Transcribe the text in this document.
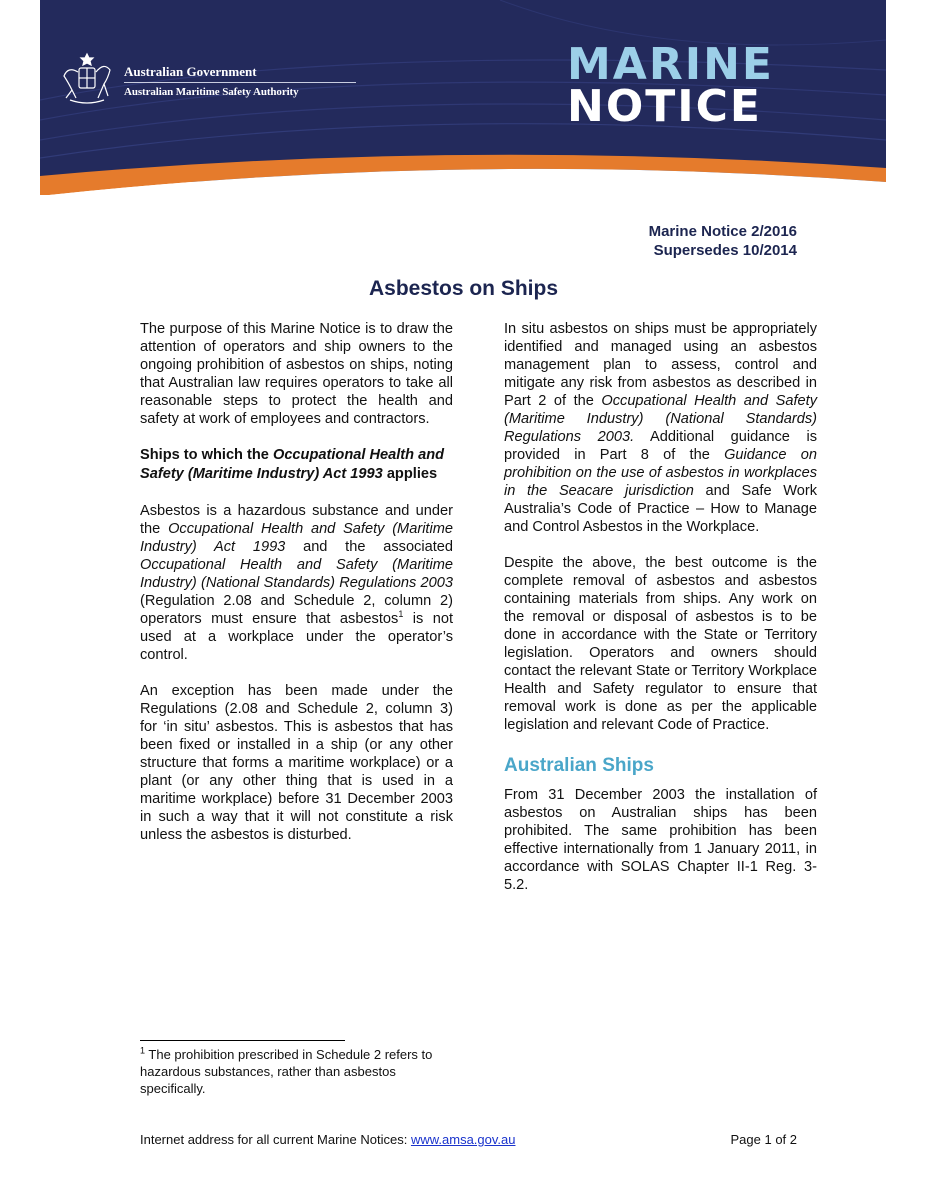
Australian Government
Australian Maritime Safety Authority
MARINE
NOTICE
Marine Notice 2/2016
Supersedes 10/2014
Asbestos on Ships

The purpose of this Marine Notice is to draw the attention of operators and ship owners to the ongoing prohibition of asbestos on ships, noting that Australian law requires operators to take all reasonable steps to protect the health and safety at work of employees and contractors.

Ships to which the Occupational Health and Safety (Maritime Industry) Act 1993 applies

Asbestos is a hazardous substance and under the Occupational Health and Safety (Maritime Industry) Act 1993 and the associated Occupational Health and Safety (Maritime Industry) (National Standards) Regulations 2003 (Regulation 2.08 and Schedule 2, column 2) operators must ensure that asbestos$^1$ is not used at a workplace under the operator’s control.

An exception has been made under the Regulations (2.08 and Schedule 2, column 3) for ‘in situ’ asbestos. This is asbestos that has been fixed or installed in a ship (or any other structure that forms a maritime workplace) or a plant (or any other thing that is used in a maritime workplace) before 31 December 2003 in such a way that it will not constitute a risk unless the asbestos is disturbed.

In situ asbestos on ships must be appropriately identified and managed using an asbestos management plan to assess, control and mitigate any risk from asbestos as described in Part 2 of the Occupational Health and Safety (Maritime Industry) (National Standards) Regulations 2003. Additional guidance is provided in Part 8 of the Guidance on prohibition on the use of asbestos in workplaces in the Seacare jurisdiction and Safe Work Australia’s Code of Practice – How to Manage and Control Asbestos in the Workplace.

Despite the above, the best outcome is the complete removal of asbestos and asbestos containing materials from ships. Any work on the removal or disposal of asbestos is to be done in accordance with the State or Territory legislation. Operators and owners should contact the relevant State or Territory Workplace Health and Safety regulator to ensure that removal work is done as per the applicable legislation and relevant Code of Practice.

Australian Ships

From 31 December 2003 the installation of asbestos on Australian ships has been prohibited. The same prohibition has been effective internationally from 1 January 2011, in accordance with SOLAS Chapter II-1 Reg. 3-5.2.

$^1$ The prohibition prescribed in Schedule 2 refers to hazardous substances, rather than asbestos specifically.
Internet address for all current Marine Notices: www.amsa.gov.au	Page 1 of 2
